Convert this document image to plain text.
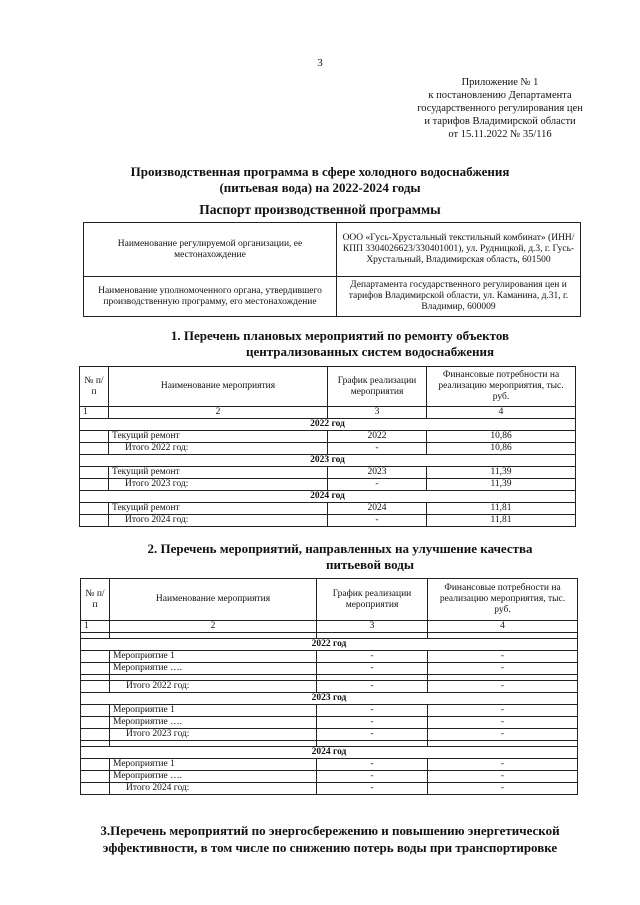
3
Приложение № 1
к постановлению Департамента
государственного регулирования цен
и тарифов Владимирской области
от 15.11.2022 № 35/116
Производственная программа в сфере холодного водоснабжения
(питьевая вода) на 2022-2024 годы
Паспорт производственной программы
Наименование регулируемой организации, ее местонахождение	ООО «Гусь-Хрустальный текстильный комбинат» (ИНН/КПП 3304026623/330401001), ул. Рудницкой, д.3, г. Гусь-Хрустальный, Владимирская область, 601500
Наименование уполномоченного органа, утвердившего производственную программу, его местонахождение	Департамента государственного регулирования цен и тарифов Владимирской области, ул. Каманина, д.31, г. Владимир, 600009
1. Перечень плановых мероприятий по ремонту объектов
централизованных систем водоснабжения
№ п/п	Наименование мероприятия	График реализации мероприятия	Финансовые потребности на реализацию мероприятия, тыс. руб.
1	2	3	4
2022 год			
	Текущий ремонт	2022	10,86
	Итого 2022 год:	-	10,86
2023 год			
	Текущий ремонт	2023	11,39
	Итого 2023 год:	-	11,39
2024 год			
	Текущий ремонт	2024	11,81
	Итого 2024 год:	-	11,81
2. Перечень мероприятий, направленных на улучшение качества
питьевой воды
№ п/п	Наименование мероприятия	График реализации мероприятия	Финансовые потребности на реализацию мероприятия, тыс. руб.
1	2	3	4

2022 год			
	Мероприятие 1	-	-
	Мероприятие ….	-	-

	Итого 2022 год:	-	-
2023 год			
	Мероприятие 1	-	-
	Мероприятие ….	-	-
	Итого 2023 год:	-	-

2024 год			
	Мероприятие 1	-	-
	Мероприятие ….	-	-
	Итого 2024 год:	-	-
3.Перечень мероприятий по энергосбережению и повышению энергетической
эффективности, в том числе по снижению потерь воды при транспортировке
